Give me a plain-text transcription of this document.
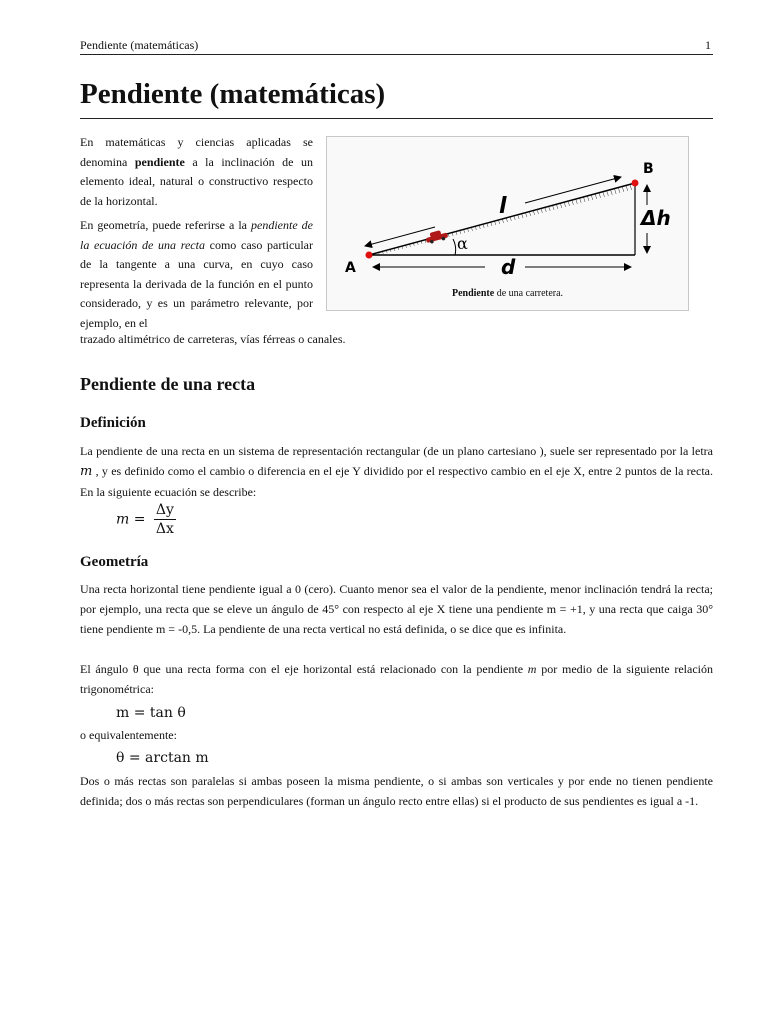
Pendiente (matemáticas)	1
Pendiente (matemáticas)

En matemáticas y ciencias aplicadas se denomina pendiente a la inclinación de un elemento ideal, natural o constructivo respecto de la horizontal.

En geometría, puede referirse a la pendiente de la ecuación de una recta como caso particular de la tangente a una curva, en cuyo caso representa la derivada de la función en el punto considerado, y es un parámetro relevante, por ejemplo, en el

trazado altimétrico de carreteras, vías férreas o canales.

α
A
B
l
d
Δh
Pendiente de una carretera.
Pendiente de una recta
Definición

La pendiente de una recta en un sistema de representación rectangular (de un plano cartesiano ), suele ser representado por la letra m , y es definido como el cambio o diferencia en el eje Y dividido por el respectivo cambio en el eje X, entre 2 puntos de la recta. En la siguiente ecuación se describe:

$m = \frac{\Delta y}{\Delta x}$
Geometría

Una recta horizontal tiene pendiente igual a 0 (cero). Cuanto menor sea el valor de la pendiente, menor inclinación tendrá la recta; por ejemplo, una recta que se eleve un ángulo de 45° con respecto al eje X tiene una pendiente m = +1, y una recta que caiga 30° tiene pendiente m = -0,5. La pendiente de una recta vertical no está definida, o se dice que es infinita.

El ángulo θ que una recta forma con el eje horizontal está relacionado con la pendiente m por medio de la siguiente relación trigonométrica:

m = tan θ

o equivalentemente:

θ = arctan m

Dos o más rectas son paralelas si ambas poseen la misma pendiente, o si ambas son verticales y por ende no tienen pendiente definida; dos o más rectas son perpendiculares (forman un ángulo recto entre ellas) si el producto de sus pendientes es igual a -1.
